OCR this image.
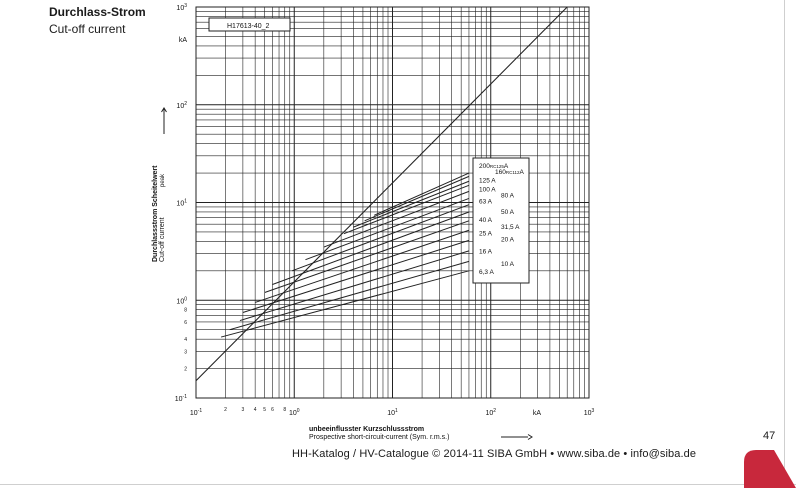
Durchlass-Strom
Cut-off current
$10^{-1}$	$10^0$	$10^1$	$10^2$	$10^3$
2	3 4 5 6 8	kA
$10^{-1}$
$10^0$
$10^1$
$10^2$
$10^3$
2
3
4
6
8
kA
200RC125A
160RC112A
125 A
100 A
80 A
63 A
50 A
40 A
31,5 A
25 A
20 A
16 A
10 A
6,3 A
H17613-40_2
unbeeinflusster Kurzschlussstrom
Prospective short-circuit-current (Sym. r.m.s.)
Durchlassstrom Scheitelwert Cut-off current
peak
47
HH-Katalog / HV-Catalogue © 2014-11 SIBA GmbH • www.siba.de • info@siba.de
